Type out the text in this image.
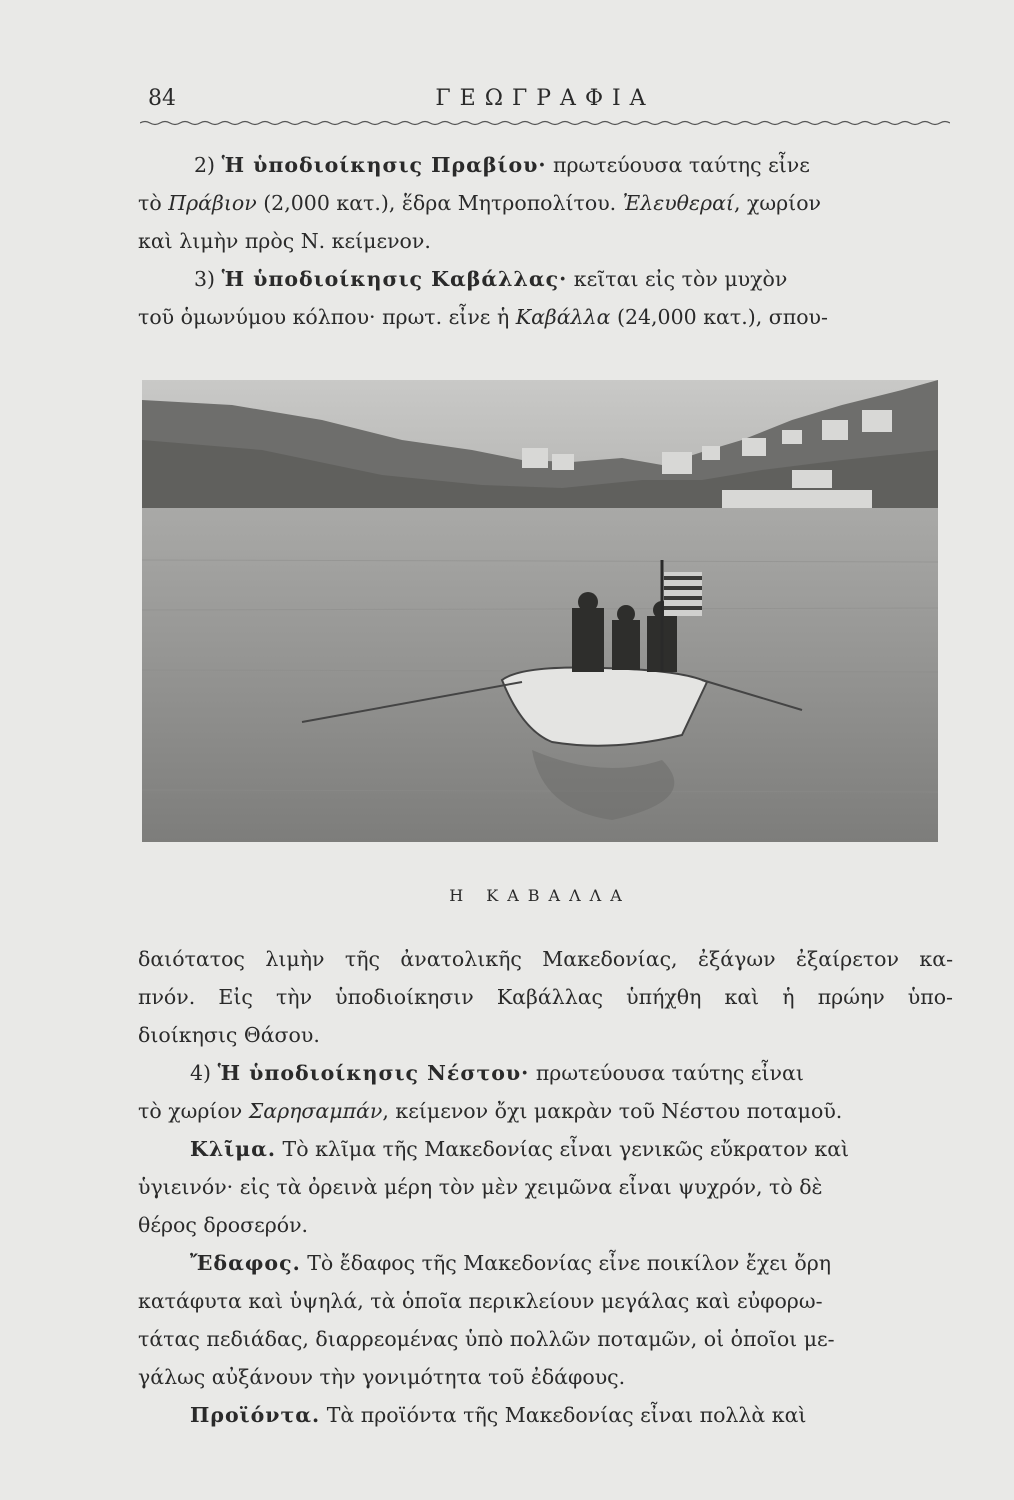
84	ΓΕΩΓΡΑΦΙΑ
2) Ἡ ὑποδιοίκησις Πραβίου· πρωτεύουσα ταύτης εἶνε
τὸ Πράβιον (2,000 κατ.), ἕδρα Μητροπολίτου. Ἐλευθεραί, χωρίον
καὶ λιμὴν πρὸς Ν. κείμενον.
3) Ἡ ὑποδιοίκησις Καβάλλας· κεῖται εἰς τὸν μυχὸν
τοῦ ὁμωνύμου κόλπου· πρωτ. εἶνε ἡ Καβάλλα (24,000 κατ.), σπου-
Η ΚΑΒΑΛΛΑ
δαιότατος λιμὴν τῆς ἀνατολικῆς Μακεδονίας, ἐξάγων ἐξαίρετον κα-
πνόν. Εἰς τὴν ὑποδιοίκησιν Καβάλλας ὑπήχθη καὶ ἡ πρώην ὑπο-
διοίκησις Θάσου.
4) Ἡ ὑποδιοίκησις Νέστου· πρωτεύουσα ταύτης εἶναι
τὸ χωρίον Σαρησαμπάν, κείμενον ὄχι μακρὰν τοῦ Νέστου ποταμοῦ.
Κλῖμα. Τὸ κλῖμα τῆς Μακεδονίας εἶναι γενικῶς εὔκρατον καὶ
ὑγιεινόν· εἰς τὰ ὀρεινὰ μέρη τὸν μὲν χειμῶνα εἶναι ψυχρόν, τὸ δὲ
θέρος δροσερόν.
Ἔδαφος. Τὸ ἔδαφος τῆς Μακεδονίας εἶνε ποικίλον ἔχει ὄρη
κατάφυτα καὶ ὑψηλά, τὰ ὁποῖα περικλείουν μεγάλας καὶ εὐφορω-
τάτας πεδιάδας, διαρρεομένας ὑπὸ πολλῶν ποταμῶν, οἱ ὁποῖοι με-
γάλως αὐξάνουν τὴν γονιμότητα τοῦ ἐδάφους.
Προϊόντα. Τὰ προϊόντα τῆς Μακεδονίας εἶναι πολλὰ καὶ
